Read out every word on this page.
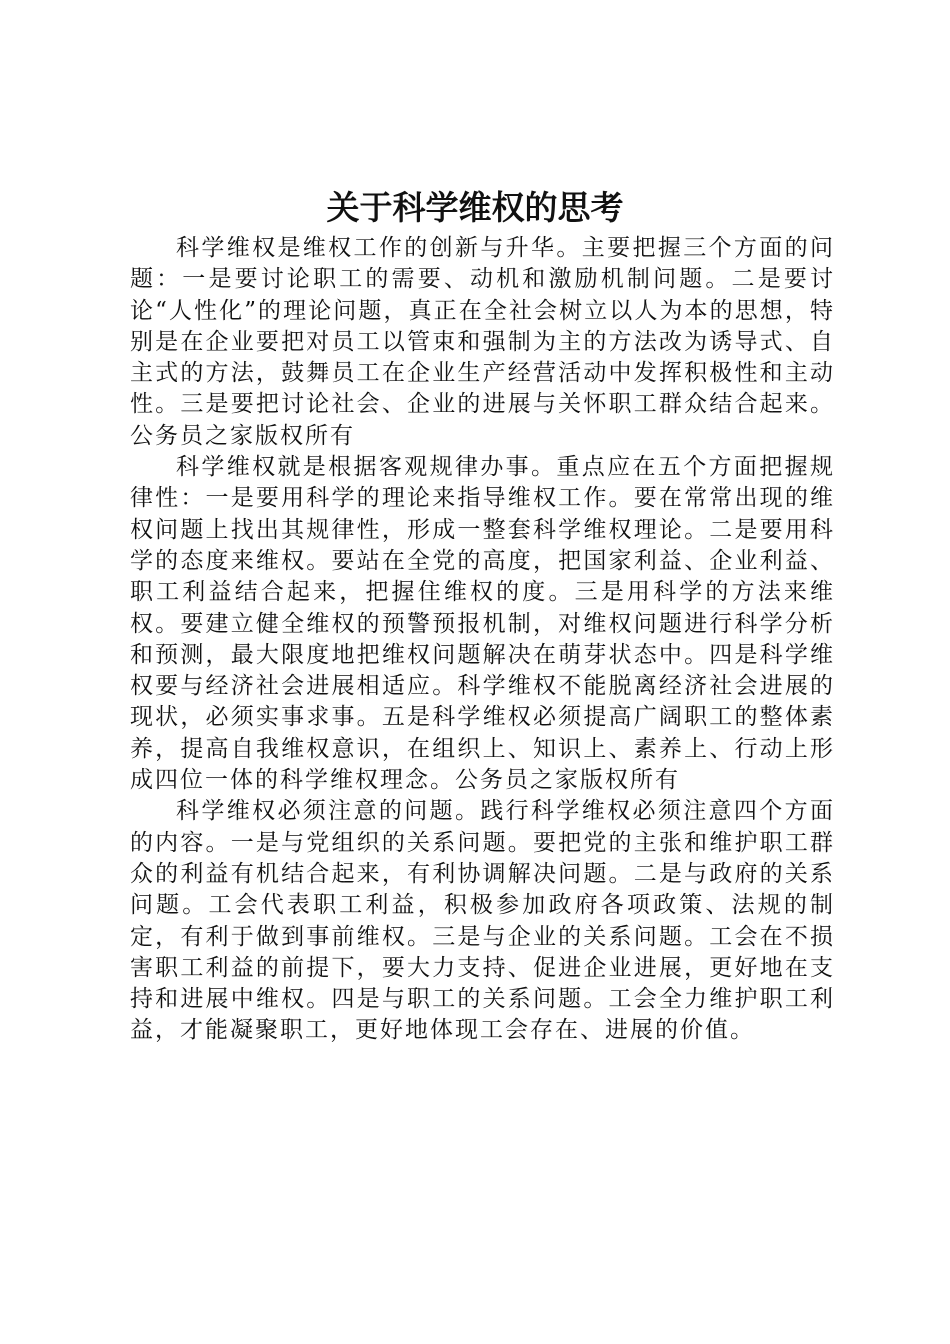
关于科学维权的思考

科学维权是维权工作的创新与升华。主要把握三个方面的问题：一是要讨论职工的需要、动机和激励机制问题。二是要讨论“人性化”的理论问题，真正在全社会树立以人为本的思想，特别是在企业要把对员工以管束和强制为主的方法改为诱导式、自主式的方法，鼓舞员工在企业生产经营活动中发挥积极性和主动性。三是要把讨论社会、企业的进展与关怀职工群众结合起来。公务员之家版权所有

科学维权就是根据客观规律办事。重点应在五个方面把握规律性：一是要用科学的理论来指导维权工作。要在常常出现的维权问题上找出其规律性，形成一整套科学维权理论。二是要用科学的态度来维权。要站在全党的高度，把国家利益、企业利益、职工利益结合起来，把握住维权的度。三是用科学的方法来维权。要建立健全维权的预警预报机制，对维权问题进行科学分析和预测，最大限度地把维权问题解决在萌芽状态中。四是科学维权要与经济社会进展相适应。科学维权不能脱离经济社会进展的现状，必须实事求事。五是科学维权必须提高广阔职工的整体素养，提高自我维权意识，在组织上、知识上、素养上、行动上形成四位一体的科学维权理念。公务员之家版权所有

科学维权必须注意的问题。践行科学维权必须注意四个方面的内容。一是与党组织的关系问题。要把党的主张和维护职工群众的利益有机结合起来，有利协调解决问题。二是与政府的关系问题。工会代表职工利益，积极参加政府各项政策、法规的制定，有利于做到事前维权。三是与企业的关系问题。工会在不损害职工利益的前提下，要大力支持、促进企业进展，更好地在支持和进展中维权。四是与职工的关系问题。工会全力维护职工利益，才能凝聚职工，更好地体现工会存在、进展的价值。
